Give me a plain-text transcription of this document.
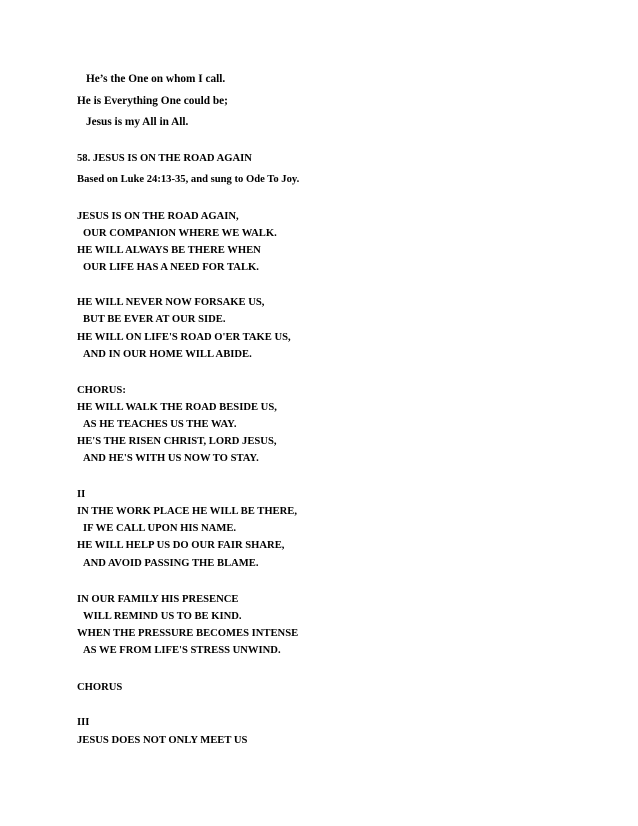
He’s the One on whom I call.
He is Everything One could be;
Jesus is my All in All.
58. JESUS IS ON THE ROAD AGAIN
Based on Luke 24:13-35, and sung to Ode To Joy.
JESUS IS ON THE ROAD AGAIN,
OUR COMPANION WHERE WE WALK.
HE WILL ALWAYS BE THERE WHEN
OUR LIFE HAS A NEED FOR TALK.
HE WILL NEVER NOW FORSAKE US,
BUT BE EVER AT OUR SIDE.
HE WILL ON LIFE'S ROAD O'ER TAKE US,
AND IN OUR HOME WILL ABIDE.
CHORUS:
HE WILL WALK THE ROAD BESIDE US,
AS HE TEACHES US THE WAY.
HE'S THE RISEN CHRIST, LORD JESUS,
AND HE'S WITH US NOW TO STAY.
II
IN THE WORK PLACE HE WILL BE THERE,
IF WE CALL UPON HIS NAME.
HE WILL HELP US DO OUR FAIR SHARE,
AND AVOID PASSING THE BLAME.
IN OUR FAMILY HIS PRESENCE
WILL REMIND US TO BE KIND.
WHEN THE PRESSURE BECOMES INTENSE
AS WE FROM LIFE'S STRESS UNWIND.
CHORUS
III
JESUS DOES NOT ONLY MEET US
